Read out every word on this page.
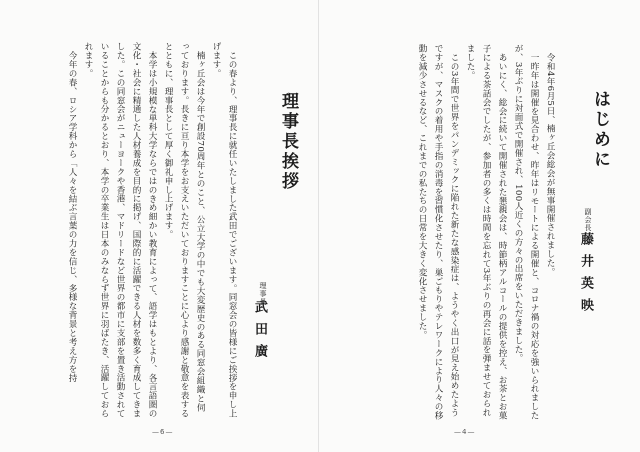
理事長挨拶
理事長
武田廣
この春より、理事長に就任いたしました武田でございます。同窓会の皆様にご挨拶を申し上げます。
楠ヶ丘会は今年で創設70周年とのこと、公立大学の中でも大変歴史のある同窓会組織と伺っております。長きに亘り本学をお支えいただいておりますことに心より感謝と敬意を表するとともに、理事長として厚く御礼申し上げます。
本学は小規模な単科大学ならではのきめ細かい教育によって、語学はもとより、各言語圏の文化・社会に精通した人材養成を目的に掲げ、国際的に活躍できる人材を数多く育成してきました。この同窓会がニューヨークや香港、マドリードなど世界の都市に支部を置き活動されていることからも分かるとおり、本学の卒業生は日本のみならず世界に羽ばたき、活躍しておられます。
今年の春、ロシア学科から「人々を結ぶ言葉の力を信じ、多様な背景と考え方を持
—6—
はじめに
副会長
藤井英映
令和4年6月5日、楠ヶ丘会総会が無事開催されました。
一昨年は開催を見合わせ、昨年はリモートによる開催と、コロナ禍の対応を強いられましたが、3年ぶりに対面式で開催され、100人近くの方々の出席をいただきました。
あいにく、総会に続いて開催された懇親会は、時節柄アルコールの提供を控え、お茶とお菓子による茶話会でしたが、参加者の多くは時間を忘れて3年ぶりの再会に話を弾ませておられました。
この3年間で世界をパンデミックに陥れた新たな感染症は、ようやく出口が見え始めたようですが、マスクの着用や手指の消毒を習慣化させたり、巣ごもりやテレワークにより人々の移動を減少させるなど、これまでの私たちの日常を大きく変化させました。
—4—
